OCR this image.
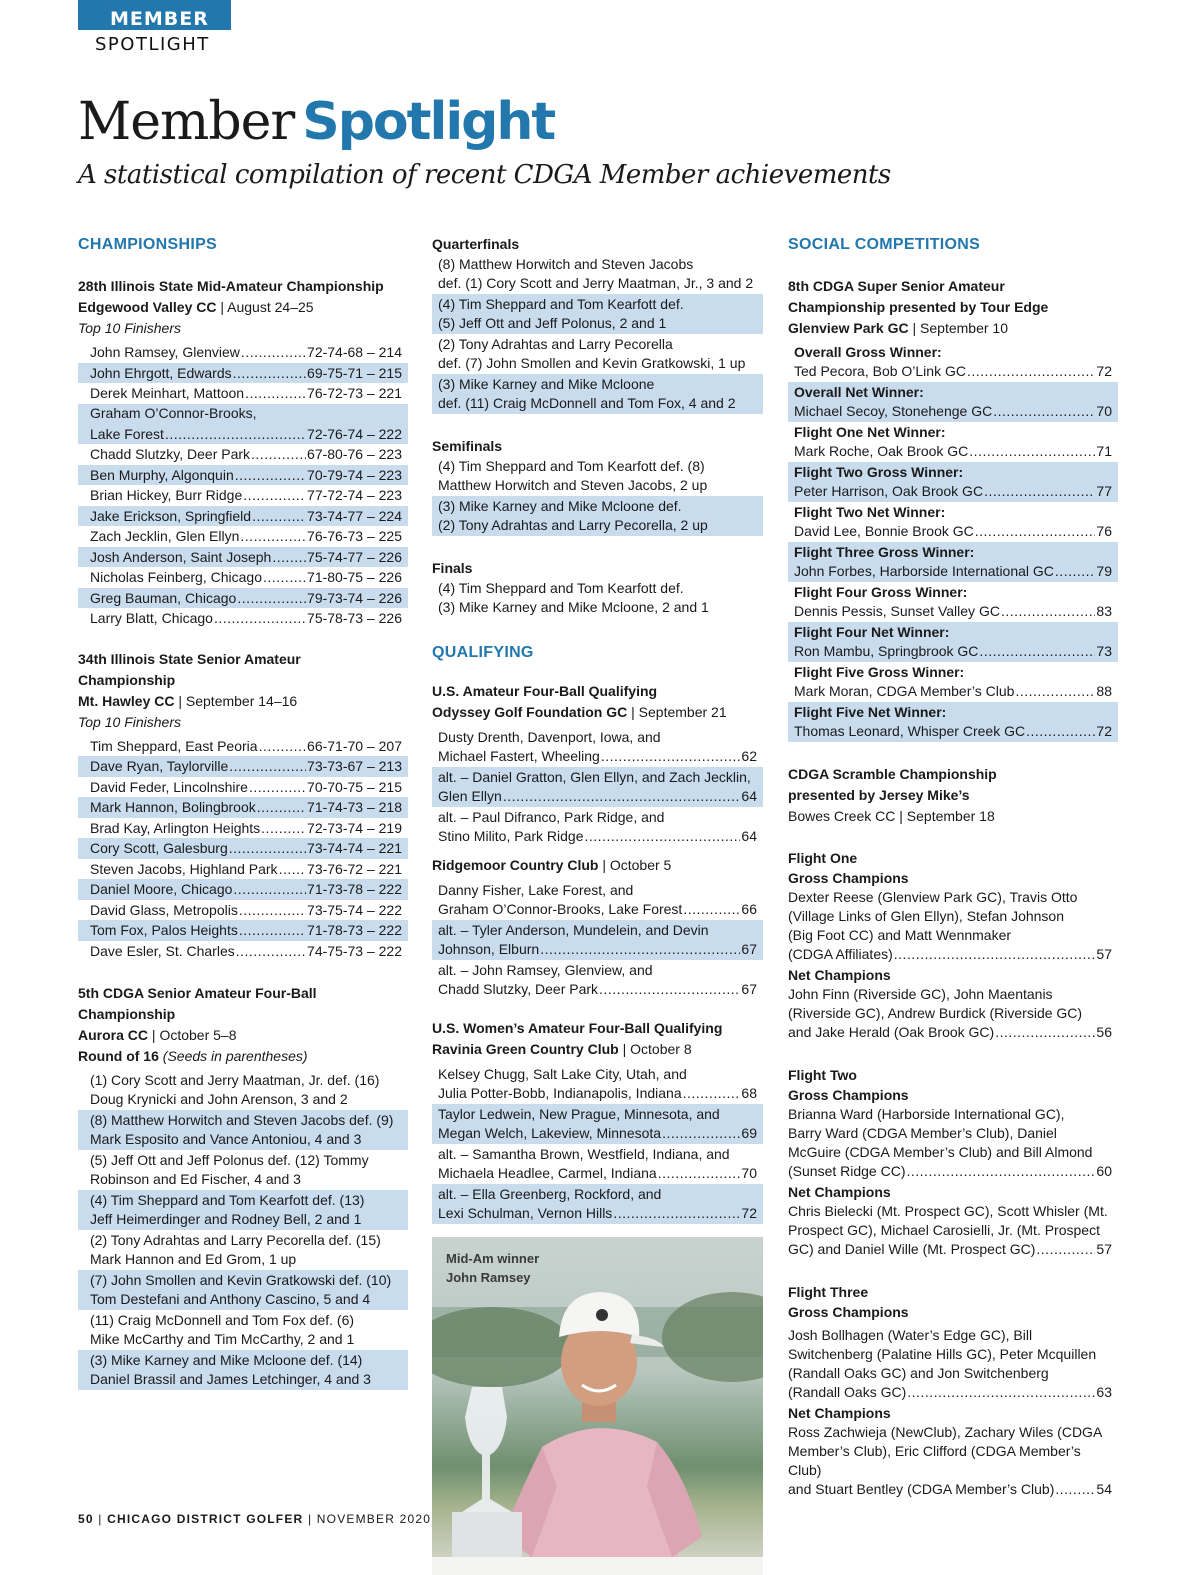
MEMBER
SPOTLIGHT
Member Spotlight
A statistical compilation of recent CDGA Member achievements
CHAMPIONSHIPS
28th Illinois State Mid-Amateur Championship
Edgewood Valley CC | August 24–25
Top 10 Finishers
John Ramsey, Glenview .....	72-74-68 – 214
John Ehrgott, Edwards .....	69-75-71 – 215
Derek Meinhart, Mattoon .....	76-72-73 – 221
Graham O’Connor-Brooks,
Lake Forest .....	72-76-74 – 222
Chadd Slutzky, Deer Park .....	67-80-76 – 223
Ben Murphy, Algonquin .....	70-79-74 – 223
Brian Hickey, Burr Ridge .....	77-72-74 – 223
Jake Erickson, Springfield .....	73-74-77 – 224
Zach Jecklin, Glen Ellyn .....	76-76-73 – 225
Josh Anderson, Saint Joseph .....	75-74-77 – 226
Nicholas Feinberg, Chicago .....	71-80-75 – 226
Greg Bauman, Chicago .....	79-73-74 – 226
Larry Blatt, Chicago .....	75-78-73 – 226
34th Illinois State Senior Amateur
Championship
Mt. Hawley CC | September 14–16
Top 10 Finishers
Tim Sheppard, East Peoria .....	66-71-70 – 207
Dave Ryan, Taylorville .....	73-73-67 – 213
David Feder, Lincolnshire .....	70-70-75 – 215
Mark Hannon, Bolingbrook .....	71-74-73 – 218
Brad Kay, Arlington Heights .....	72-73-74 – 219
Cory Scott, Galesburg .....	73-74-74 – 221
Steven Jacobs, Highland Park ..... 73-76-72 – 221
Daniel Moore, Chicago .....	71-73-78 – 222
David Glass, Metropolis .....	73-75-74 – 222
Tom Fox, Palos Heights .....	71-78-73 – 222
Dave Esler, St. Charles .....	74-75-73 – 222
5th CDGA Senior Amateur Four-Ball
Championship
Aurora CC | October 5–8
Round of 16 (Seeds in parentheses)
(1) Cory Scott and Jerry Maatman, Jr. def. (16)
Doug Krynicki and John Arenson, 3 and 2
(8) Matthew Horwitch and Steven Jacobs def. (9)
Mark Esposito and Vance Antoniou, 4 and 3
(5) Jeff Ott and Jeff Polonus def. (12) Tommy
Robinson and Ed Fischer, 4 and 3
(4) Tim Sheppard and Tom Kearfott def. (13)
Jeff Heimerdinger and Rodney Bell, 2 and 1
(2) Tony Adrahtas and Larry Pecorella def. (15)
Mark Hannon and Ed Grom, 1 up
(7) John Smollen and Kevin Gratkowski def. (10)
Tom Destefani and Anthony Cascino, 5 and 4
(11) Craig McDonnell and Tom Fox def. (6)
Mike McCarthy and Tim McCarthy, 2 and 1
(3) Mike Karney and Mike Mcloone def. (14)
Daniel Brassil and James Letchinger, 4 and 3
Quarterfinals
(8) Matthew Horwitch and Steven Jacobs
def. (1) Cory Scott and Jerry Maatman, Jr., 3 and 2
(4) Tim Sheppard and Tom Kearfott def.
(5) Jeff Ott and Jeff Polonus, 2 and 1
(2) Tony Adrahtas and Larry Pecorella
def. (7) John Smollen and Kevin Gratkowski, 1 up
(3) Mike Karney and Mike Mcloone
def. (11) Craig McDonnell and Tom Fox, 4 and 2
Semifinals
(4) Tim Sheppard and Tom Kearfott def. (8)
Matthew Horwitch and Steven Jacobs, 2 up
(3) Mike Karney and Mike Mcloone def.
(2) Tony Adrahtas and Larry Pecorella, 2 up
Finals
(4) Tim Sheppard and Tom Kearfott def.
(3) Mike Karney and Mike Mcloone, 2 and 1
QUALIFYING
U.S. Amateur Four-Ball Qualifying
Odyssey Golf Foundation GC | September 21
Dusty Drenth, Davenport, Iowa, and
Michael Fastert, Wheeling .....	62
alt. – Daniel Gratton, Glen Ellyn, and Zach Jecklin,
Glen Ellyn .....	64
alt. – Paul Difranco, Park Ridge, and
Stino Milito, Park Ridge .....	64
Ridgemoor Country Club | October 5
Danny Fisher, Lake Forest, and
Graham O’Connor-Brooks, Lake Forest .....	66
alt. – Tyler Anderson, Mundelein, and Devin
Johnson, Elburn .....	67
alt. – John Ramsey, Glenview, and
Chadd Slutzky, Deer Park .....	67
U.S. Women’s Amateur Four-Ball Qualifying
Ravinia Green Country Club | October 8
Kelsey Chugg, Salt Lake City, Utah, and
Julia Potter-Bobb, Indianapolis, Indiana .....	68
Taylor Ledwein, New Prague, Minnesota, and
Megan Welch, Lakeview, Minnesota .....	69
alt. – Samantha Brown, Westfield, Indiana, and
Michaela Headlee, Carmel, Indiana .....	70
alt. – Ella Greenberg, Rockford, and
Lexi Schulman, Vernon Hills .....	72
Mid-Am winner
John Ramsey
SOCIAL COMPETITIONS
8th CDGA Super Senior Amateur
Championship presented by Tour Edge
Glenview Park GC | September 10
Overall Gross Winner:
Ted Pecora, Bob O’Link GC .....	72
Overall Net Winner:
Michael Secoy, Stonehenge GC .....	70
Flight One Net Winner:
Mark Roche, Oak Brook GC .....	71
Flight Two Gross Winner:
Peter Harrison, Oak Brook GC .....	77
Flight Two Net Winner:
David Lee, Bonnie Brook GC .....	76
Flight Three Gross Winner:
John Forbes, Harborside International GC .....	79
Flight Four Gross Winner:
Dennis Pessis, Sunset Valley GC .....	83
Flight Four Net Winner:
Ron Mambu, Springbrook GC .....	73
Flight Five Gross Winner:
Mark Moran, CDGA Member’s Club .....	88
Flight Five Net Winner:
Thomas Leonard, Whisper Creek GC .....	72
CDGA Scramble Championship
presented by Jersey Mike’s
Bowes Creek CC | September 18
Flight One
Gross Champions
Dexter Reese (Glenview Park GC), Travis Otto
(Village Links of Glen Ellyn), Stefan Johnson
(Big Foot CC) and Matt Wennmaker
(CDGA Affiliates) .....	57
Net Champions
John Finn (Riverside GC), John Maentanis
(Riverside GC), Andrew Burdick (Riverside GC)
and Jake Herald (Oak Brook GC) .....	56
Flight Two
Gross Champions
Brianna Ward (Harborside International GC),
Barry Ward (CDGA Member’s Club), Daniel
McGuire (CDGA Member’s Club) and Bill Almond
(Sunset Ridge CC) .....	60
Net Champions
Chris Bielecki (Mt. Prospect GC), Scott Whisler (Mt.
Prospect GC), Michael Carosielli, Jr. (Mt. Prospect
GC) and Daniel Wille (Mt. Prospect GC) .....	57
Flight Three
Gross Champions
Josh Bollhagen (Water’s Edge GC), Bill
Switchenberg (Palatine Hills GC), Peter Mcquillen
(Randall Oaks GC) and Jon Switchenberg
(Randall Oaks GC) .....	63
Net Champions
Ross Zachwieja (NewClub), Zachary Wiles (CDGA
Member’s Club), Eric Clifford (CDGA Member’s Club)
and Stuart Bentley (CDGA Member’s Club) .....	54
50 | CHICAGO DISTRICT GOLFER | NOVEMBER 2020
